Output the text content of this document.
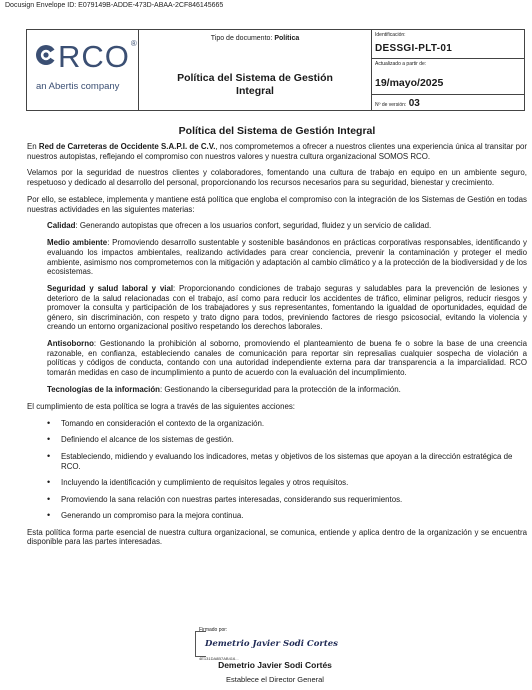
Docusign Envelope ID: E079149B-ADDE-473D-ABAA-2CF846145665
RCO®
an Abertis company
Tipo de documento: Política
Política del Sistema de Gestión Integral
Identificación:
DESSGI-PLT-01
Actualizado a partir de:
19/mayo/2025
Nº de versión: 03

Política del Sistema de Gestión Integral

En Red de Carreteras de Occidente S.A.P.I. de C.V., nos comprometemos a ofrecer a nuestros clientes una experiencia única al transitar por nuestros autopistas, reflejando el compromiso con nuestros valores y nuestra cultura organizacional SOMOS RCO.

Velamos por la seguridad de nuestros clientes y colaboradores, fomentando una cultura de trabajo en equipo en un ambiente seguro, respetuoso y dedicado al desarrollo del personal, proporcionando los recursos necesarios para su seguridad, bienestar y crecimiento.

Por ello, se establece, implementa y mantiene está política que engloba el compromiso con la integración de los Sistemas de Gestión en todas nuestras actividades en las siguientes materias:

Calidad: Generando autopistas que ofrecen a los usuarios confort, seguridad, fluidez y un servicio de calidad.

Medio ambiente: Promoviendo desarrollo sustentable y sostenible basándonos en prácticas corporativas responsables, identificando y evaluando los impactos ambientales, realizando actividades para crear conciencia, prevenir la contaminación y proteger el medio ambiente, asimismo nos comprometemos con la mitigación y adaptación al cambio climático y a la protección de la biodiversidad y de los ecosistemas.

Seguridad y salud laboral y vial: Proporcionando condiciones de trabajo seguras y saludables para la prevención de lesiones y deterioro de la salud relacionadas con el trabajo, así como para reducir los accidentes de tráfico, eliminar peligros, reducir riesgos y promover la consulta y participación de los trabajadores y sus representantes, fomentando la igualdad de oportunidades, equidad de género, sin discriminación, con respeto y trato digno para todos, previniendo factores de riesgo psicosocial, evitando la violencia y creando un entorno organizacional positivo respetando los derechos laborales.

Antisoborno: Gestionando la prohibición al soborno, promoviendo el planteamiento de buena fe o sobre la base de una creencia razonable, en confianza, estableciendo canales de comunicación para reportar sin represalias cualquier sospecha de violación a políticas y códigos de conducta, contando con una autoridad independiente externa para dar transparencia a la imparcialidad. RCO tomarán medidas en caso de incumplimiento a punto de acuerdo con la evaluación del incumplimiento.

Tecnologías de la información: Gestionando la ciberseguridad para la protección de la información.

El cumplimiento de esta política se logra a través de las siguientes acciones:

• Tomando en consideración el contexto de la organización.
• Definiendo el alcance de los sistemas de gestión.
• Estableciendo, midiendo y evaluando los indicadores, metas y objetivos de los sistemas que apoyan a la dirección estratégica de RCO.
• Incluyendo la identificación y cumplimiento de requisitos legales y otros requisitos.
• Promoviendo la sana relación con nuestras partes interesadas, considerando sus requerimientos.
• Generando un compromiso para la mejora continua.

Esta política forma parte esencial de nuestra cultura organizacional, se comunica, entiende y aplica dentro de la organización y se encuentra disponible para las partes interesadas.

Firmado por:
Demetrio Javier Sodi Cortes
4E131DA8B7AB416...
Demetrio Javier Sodi Cortés
Establece el Director General
